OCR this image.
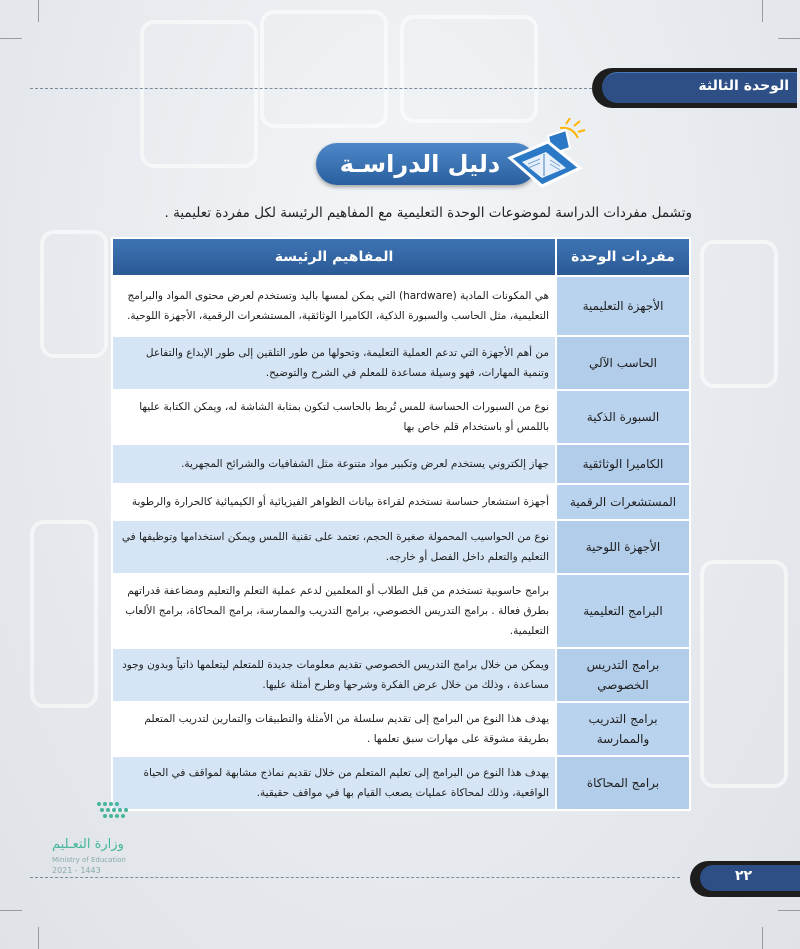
الوحدة الثالثة
دليل الدراسـة
وتشمل مفردات الدراسة لموضوعات الوحدة التعليمية مع المفاهيم الرئيسة لكل مفردة تعليمية .
مفردات الوحدة	المفاهيم الرئيسة
الأجهزة التعليمية	هي المكونات المادية (hardware) التي يمكن لمسها باليد وتستخدم لعرض محتوى المواد والبرامج التعليمية، مثل الحاسب والسبورة الذكية، الكاميرا الوثائقية، المستشعرات الرقمية، الأجهزة اللوحية.
الحاسب الآلي	من أهم الأجهزة التي تدعم العملية التعليمة، وتحولها من طور التلقين إلى طور الإبداع والتفاعل وتنمية المهارات، فهو وسيلة مساعدة للمعلم في الشرح والتوضيح.
السبورة الذكية	نوع من السبورات الحساسة للمس تُربط بالحاسب لتكون بمثابة الشاشة له، ويمكن الكتابة عليها باللمس أو باستخدام قلم خاص بها
الكاميرا الوثائقية	جهاز إلكتروني يستخدم لعرض وتكبير مواد متنوعة مثل الشفافيات والشرائح المجهرية.
المستشعرات الرقمية	أجهزة استشعار حساسة تستخدم لقراءة بيانات الظواهر الفيزيائية أو الكيميائية كالحرارة والرطوبة
الأجهزة اللوحية	نوع من الحواسيب المحمولة صغيرة الحجم، تعتمد على تقنية اللمس ويمكن استخدامها وتوظيفها في التعليم والتعلم داخل الفصل أو خارجه.
البرامج التعليمية	برامج حاسوبية تستخدم من قبل الطلاب أو المعلمين لدعم عملية التعلم والتعليم ومضاعفة قدراتهم بطرق فعالة . برامج التدريس الخصوصي، برامج التدريب والممارسة، برامج المحاكاة، برامج الألعاب التعليمية.
برامج التدريس الخصوصي	ويمكن من خلال برامج التدريس الخصوصي تقديم معلومات جديدة للمتعلم ليتعلمها ذاتياً وبدون وجود مساعدة ، وذلك من خلال عرض الفكرة وشرحها وطرح أمثلة عليها.
برامج التدريب والممارسة	يهدف هذا النوع من البرامج إلى تقديم سلسلة من الأمثلة والتطبيقات والتمارين لتدريب المتعلم بطريقة مشوقة على مهارات سبق تعلمها .
برامج المحاكاة	يهدف هذا النوع من البرامج إلى تعليم المتعلم من خلال تقديم نماذج مشابهة لمواقف في الحياة الواقعية، وذلك لمحاكاة عمليات يصعب القيام بها في مواقف حقيقية.
وزارة التعـليم
Ministry of Education
2021 - 1443	٢٢
